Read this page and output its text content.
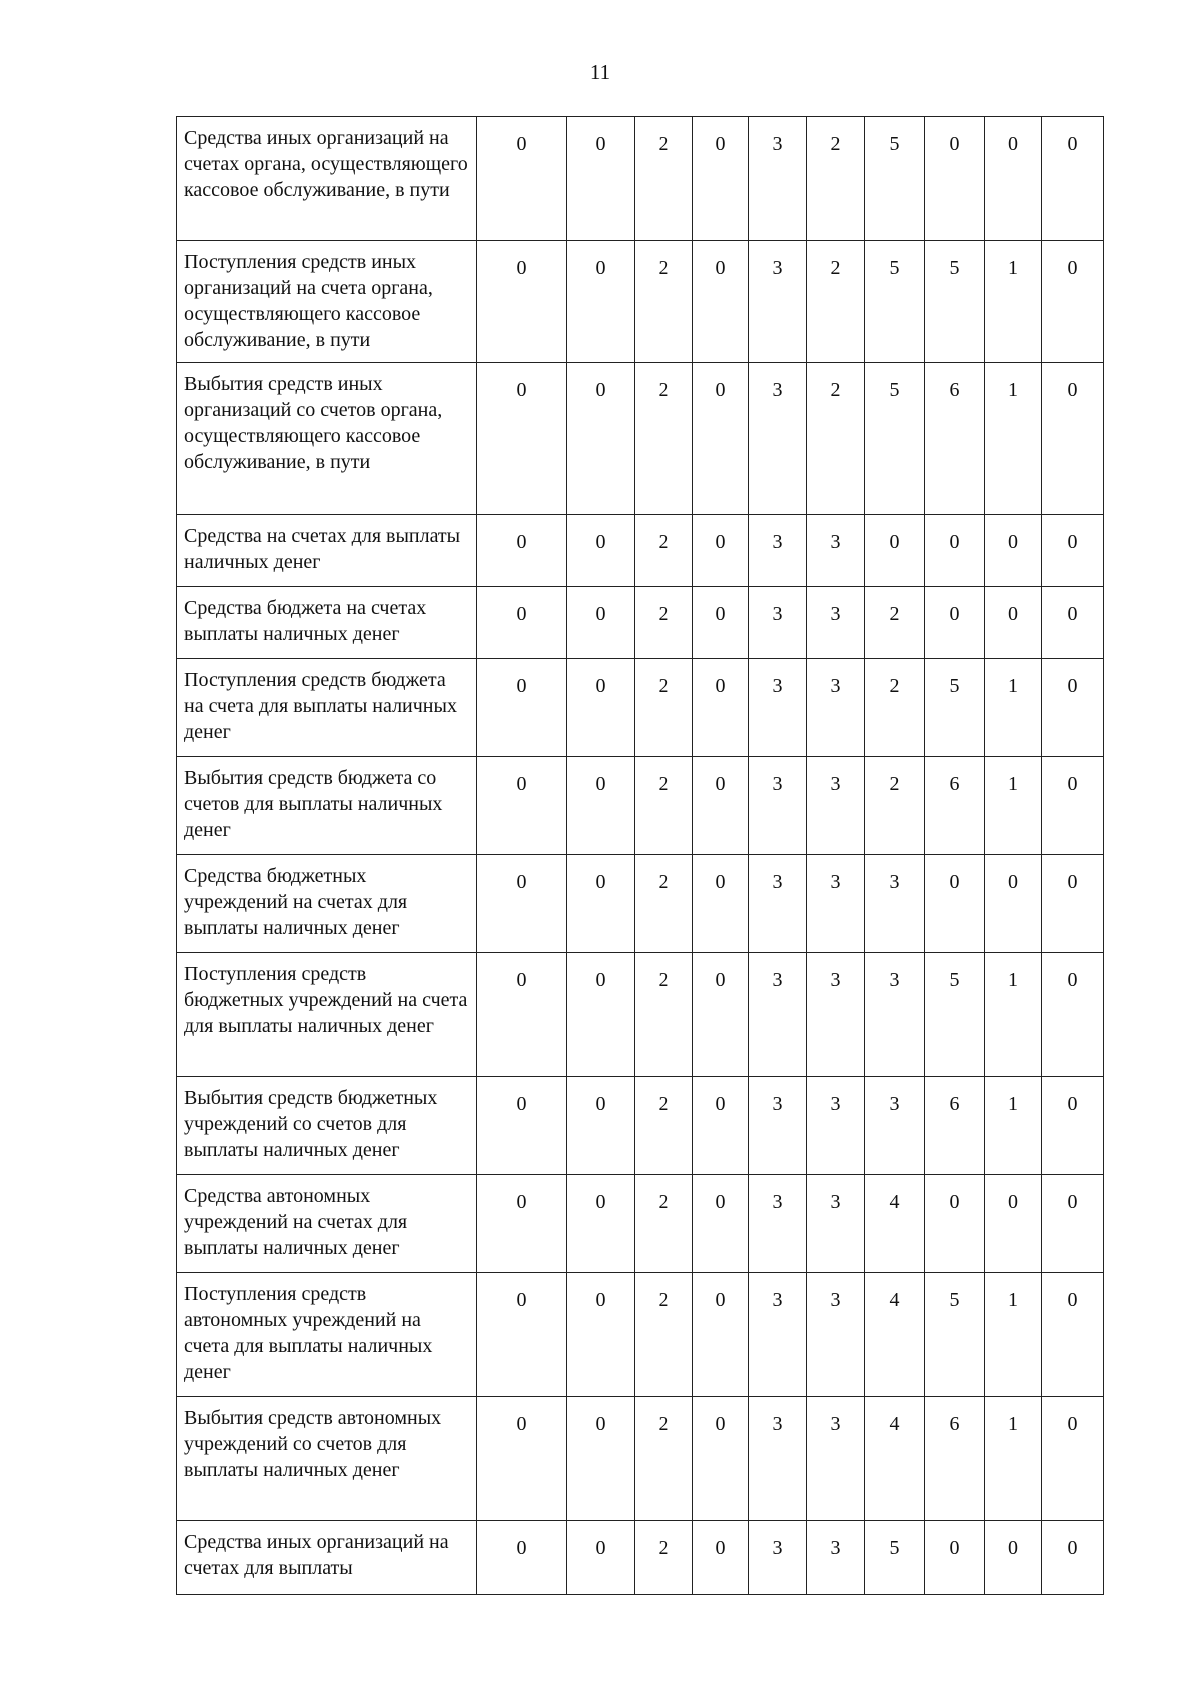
11
Средства иных организаций на счетах органа, осуществляющего кассовое обслуживание, в пути	0	0	2	0	3	2	5	0	0	0
Поступления средств иных организаций на счета органа, осуществляющего кассовое обслуживание, в пути	0	0	2	0	3	2	5	5	1	0
Выбытия средств иных организаций со счетов органа, осуществляющего кассовое обслуживание, в пути	0	0	2	0	3	2	5	6	1	0
Средства на счетах для выплаты наличных денег	0	0	2	0	3	3	0	0	0	0
Средства бюджета на счетах выплаты наличных денег	0	0	2	0	3	3	2	0	0	0
Поступления средств бюджета на счета для выплаты наличных денег	0	0	2	0	3	3	2	5	1	0
Выбытия средств бюджета со счетов для выплаты наличных денег	0	0	2	0	3	3	2	6	1	0
Средства бюджетных учреждений на счетах для выплаты наличных денег	0	0	2	0	3	3	3	0	0	0
Поступления средств бюджетных учреждений на счета для выплаты наличных денег	0	0	2	0	3	3	3	5	1	0
Выбытия средств бюджетных учреждений со счетов для выплаты наличных денег	0	0	2	0	3	3	3	6	1	0
Средства автономных учреждений на счетах для выплаты наличных денег	0	0	2	0	3	3	4	0	0	0
Поступления средств автономных учреждений на счета для выплаты наличных денег	0	0	2	0	3	3	4	5	1	0
Выбытия средств автономных учреждений со счетов для выплаты наличных денег	0	0	2	0	3	3	4	6	1	0
Средства иных организаций на счетах для выплаты	0	0	2	0	3	3	5	0	0	0
